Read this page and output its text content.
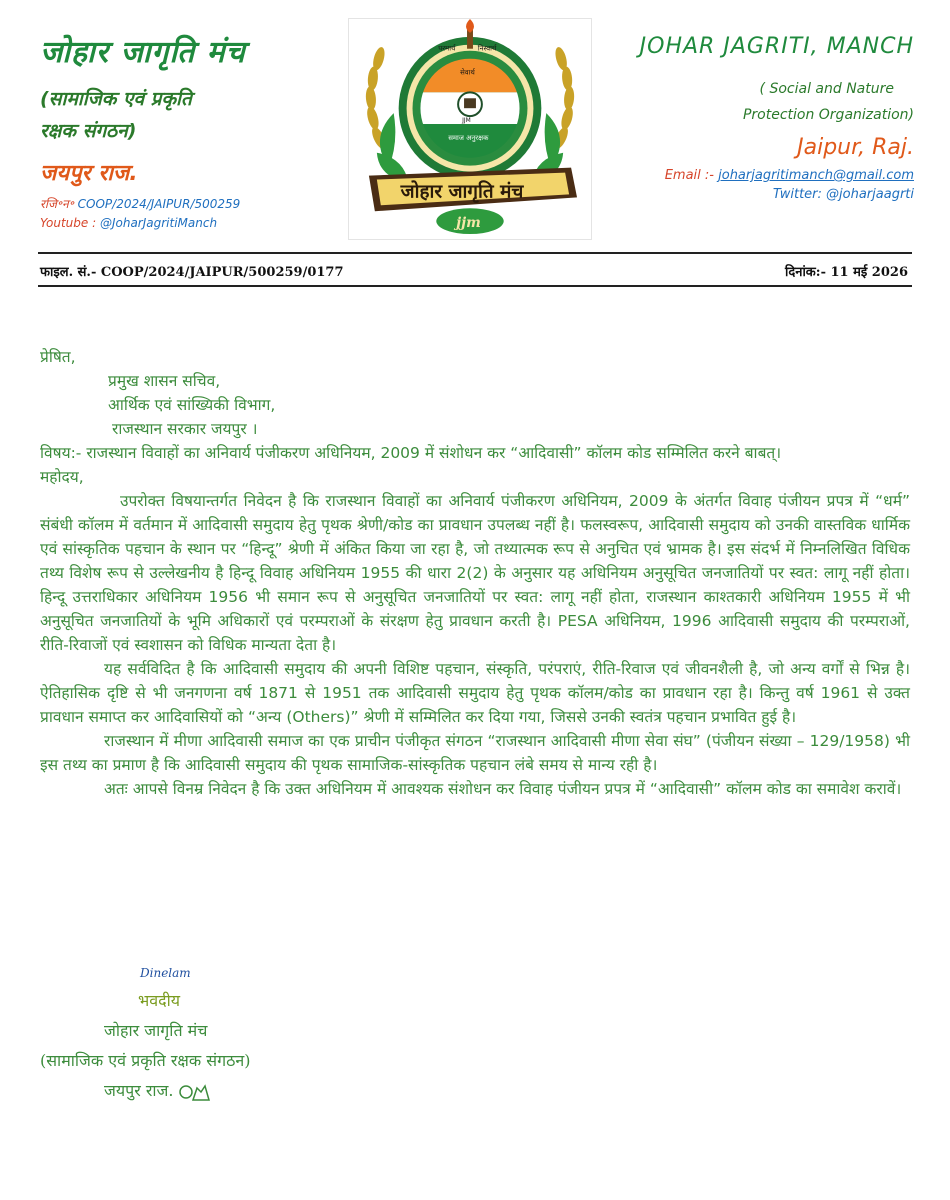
जोहार जागृति मंच
(सामाजिक एवं प्रकृति
रक्षक संगठन)
जयपुर राज.
रजि॰न॰ COOP/2024/JAIPUR/500259
Youtube : @JoharJagritiManch
परमार्थ	निस्वार्थ
सेवार्थ
JJM
समाज अनुरक्षक
जोहार जागृति मंच
jjm
JOHAR JAGRITI, MANCH
( Social and Nature
Protection Organization)
Jaipur, Raj.
Email :- joharjagritimanch@gmail.com
Twitter: @joharjaagrti
फाइल. सं.- COOP/2024/JAIPUR/500259/0177	दिनांक:- 11 मई 2026
प्रेषित,
प्रमुख शासन सचिव,
आर्थिक एवं सांख्यिकी विभाग,
राजस्थान सरकार जयपुर ।
विषय:- राजस्थान विवाहों का अनिवार्य पंजीकरण अधिनियम, 2009 में संशोधन कर “आदिवासी” कॉलम कोड सम्मिलित करने बाबत्।
महोदय,

उपरोक्त विषयान्तर्गत निवेदन है कि राजस्थान विवाहों का अनिवार्य पंजीकरण अधिनियम, 2009 के अंतर्गत विवाह पंजीयन प्रपत्र में “धर्म” संबंधी कॉलम में वर्तमान में आदिवासी समुदाय हेतु पृथक श्रेणी/कोड का प्रावधान उपलब्ध नहीं है। फलस्वरूप, आदिवासी समुदाय को उनकी वास्तविक धार्मिक एवं सांस्कृतिक पहचान के स्थान पर “हिन्दू” श्रेणी में अंकित किया जा रहा है, जो तथ्यात्मक रूप से अनुचित एवं भ्रामक है। इस संदर्भ में निम्नलिखित विधिक तथ्य विशेष रूप से उल्लेखनीय है हिन्दू विवाह अधिनियम 1955 की धारा 2(2) के अनुसार यह अधिनियम अनुसूचित जनजातियों पर स्वत: लागू नहीं होता। हिन्दू उत्तराधिकार अधिनियम 1956 भी समान रूप से अनुसूचित जनजातियों पर स्वत: लागू नहीं होता, राजस्थान काश्तकारी अधिनियम 1955 में भी अनुसूचित जनजातियों के भूमि अधिकारों एवं परम्पराओं के संरक्षण हेतु प्रावधान करती है। PESA अधिनियम, 1996 आदिवासी समुदाय की परम्पराओं, रीति-रिवाजों एवं स्वशासन को विधिक मान्यता देता है।

यह सर्वविदित है कि आदिवासी समुदाय की अपनी विशिष्ट पहचान, संस्कृति, परंपराएं, रीति-रिवाज एवं जीवनशैली है, जो अन्य वर्गों से भिन्न है। ऐतिहासिक दृष्टि से भी जनगणना वर्ष 1871 से 1951 तक आदिवासी समुदाय हेतु पृथक कॉलम/कोड का प्रावधान रहा है। किन्तु वर्ष 1961 से उक्त प्रावधान समाप्त कर आदिवासियों को “अन्य (Others)” श्रेणी में सम्मिलित कर दिया गया, जिससे उनकी स्वतंत्र पहचान प्रभावित हुई है।

राजस्थान में मीणा आदिवासी समाज का एक प्राचीन पंजीकृत संगठन “राजस्थान आदिवासी मीणा सेवा संघ” (पंजीयन संख्या – 129/1958) भी इस तथ्य का प्रमाण है कि आदिवासी समुदाय की पृथक सामाजिक-सांस्कृतिक पहचान लंबे समय से मान्य रही है।

अतः आपसे विनम्र निवेदन है कि उक्त अधिनियम में आवश्यक संशोधन कर विवाह पंजीयन प्रपत्र में “आदिवासी” कॉलम कोड का समावेश करावें।

Dinelam
भवदीय
जोहार जागृति मंच
(सामाजिक एवं प्रकृति रक्षक संगठन)
जयपुर राज.
